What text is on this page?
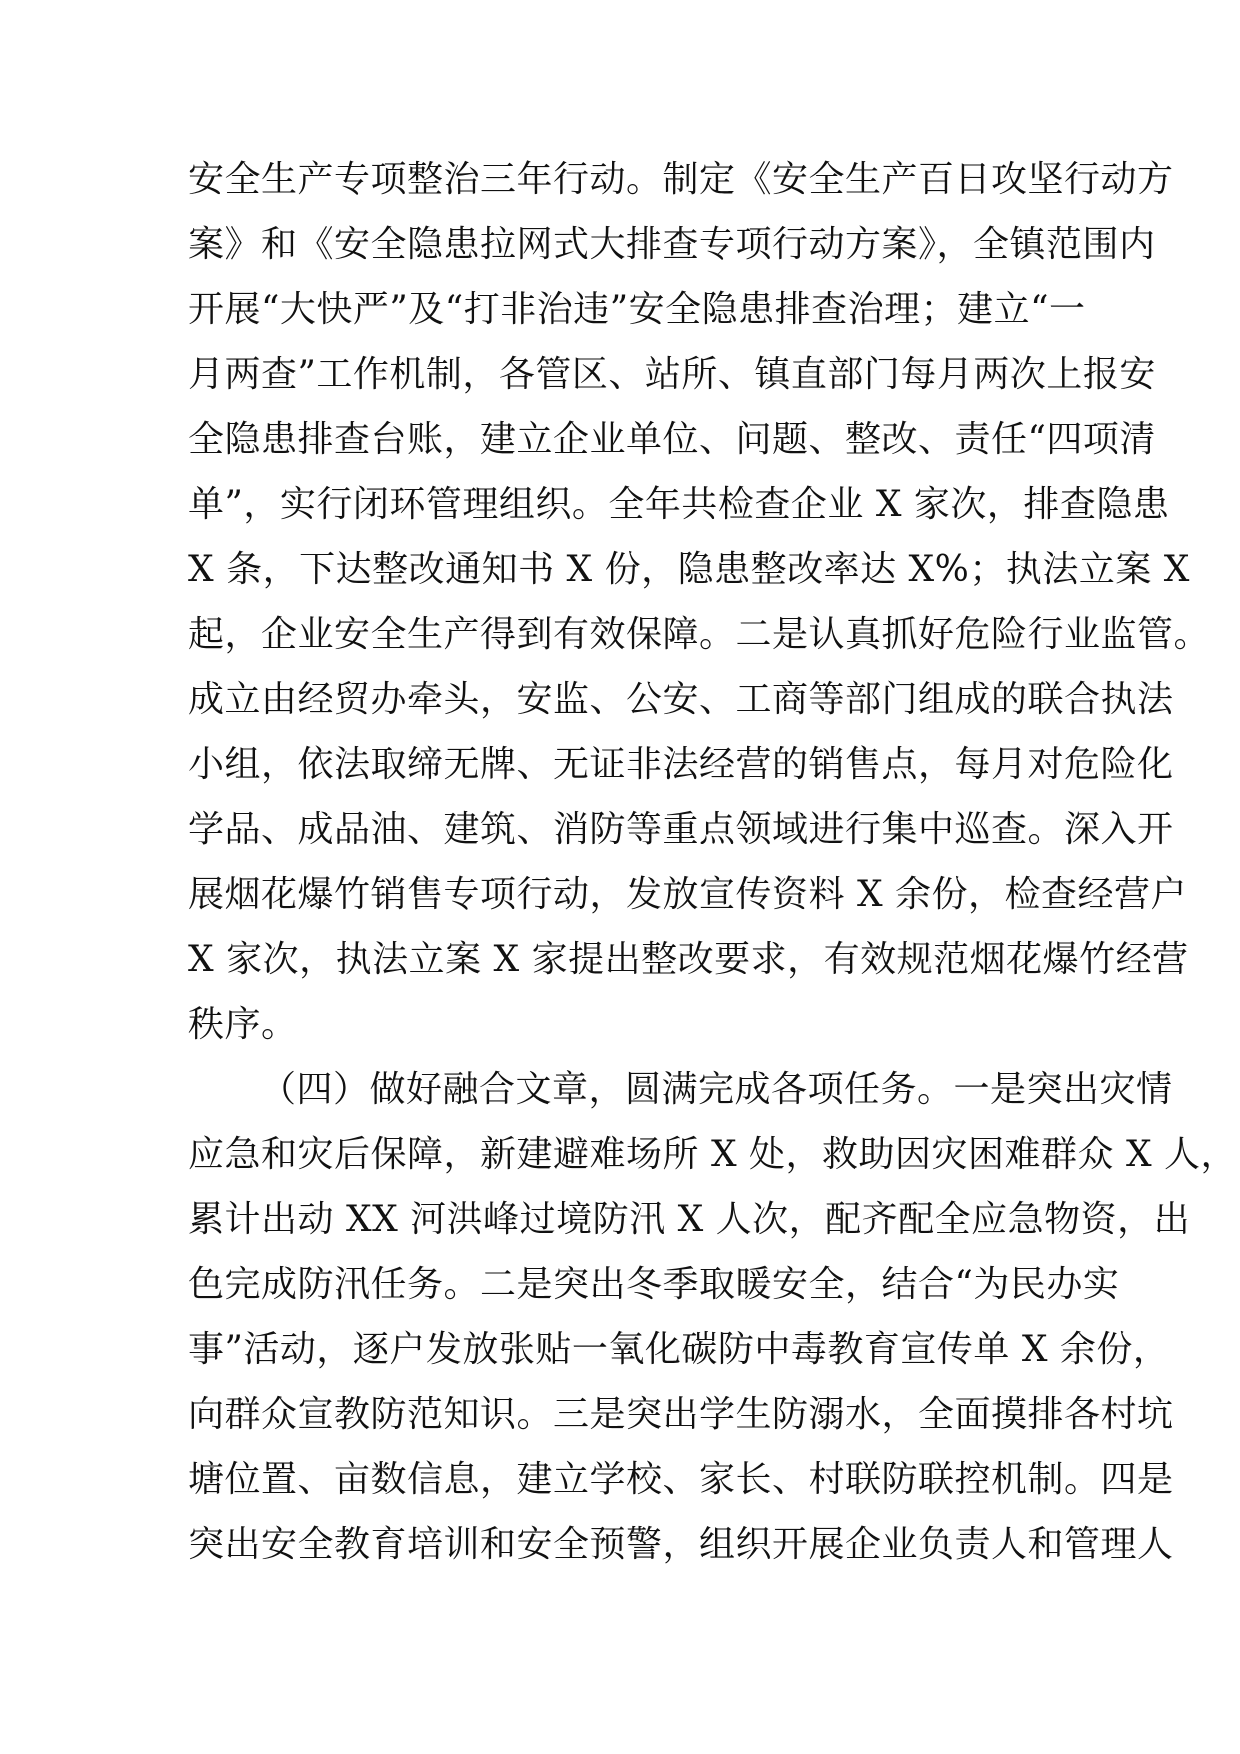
安全生产专项整治三年行动。制定《安全生产百日攻坚行动方
案》和《安全隐患拉网式大排查专项行动方案》，全镇范围内
开展“大快严”及“打非治违”安全隐患排查治理；建立“一
月两查”工作机制，各管区、站所、镇直部门每月两次上报安
全隐患排查台账，建立企业单位、问题、整改、责任“四项清
单”，实行闭环管理组织。全年共检查企业 X 家次，排查隐患
X 条，下达整改通知书 X 份，隐患整改率达 X%；执法立案 X
起，企业安全生产得到有效保障。二是认真抓好危险行业监管。
成立由经贸办牵头，安监、公安、工商等部门组成的联合执法
小组，依法取缔无牌、无证非法经营的销售点，每月对危险化
学品、成品油、建筑、消防等重点领域进行集中巡查。深入开
展烟花爆竹销售专项行动，发放宣传资料 X 余份，检查经营户
X 家次，执法立案 X 家提出整改要求，有效规范烟花爆竹经营
秩序。
（四）做好融合文章，圆满完成各项任务。一是突出灾情
应急和灾后保障，新建避难场所 X 处，救助因灾困难群众 X 人，
累计出动 XX 河洪峰过境防汛 X 人次，配齐配全应急物资，出
色完成防汛任务。二是突出冬季取暖安全，结合“为民办实
事”活动，逐户发放张贴一氧化碳防中毒教育宣传单 X 余份，
向群众宣教防范知识。三是突出学生防溺水，全面摸排各村坑
塘位置、亩数信息，建立学校、家长、村联防联控机制。四是
突出安全教育培训和安全预警，组织开展企业负责人和管理人
